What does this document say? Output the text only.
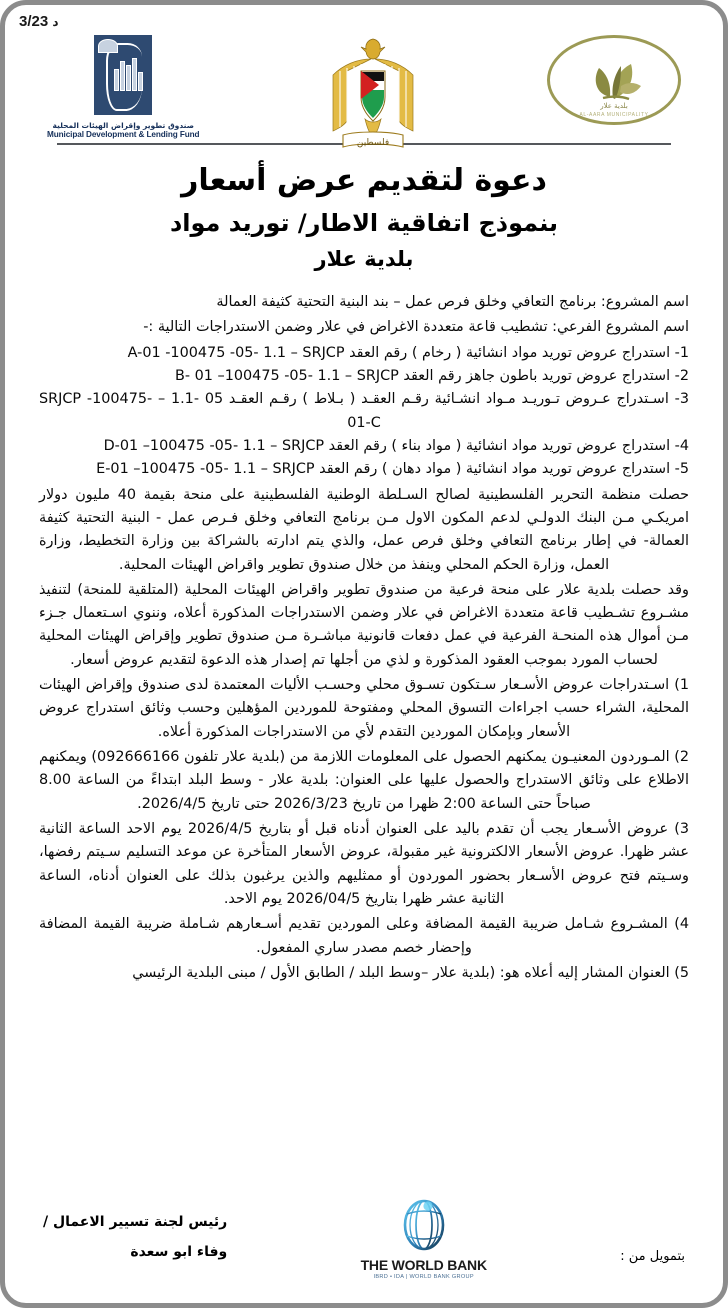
د 3/23
بلدية علار
AL-AARA MUNICIPALITY
فلسطين
صندوق تطوير وإقراض الهيئات المحلية
Municipal Development & Lending Fund
دعوة لتقديم عرض أسعار
بنموذج اتفاقية الاطار/ توريد مواد
بلدية علار
اسم المشروع: برنامج التعافي وخلق فرص عمل – بند البنية التحتية كثيفة العمالة
اسم المشروع الفرعي: تشطيب قاعة متعددة الاغراض في علار وضمن الاستدراجات التالية :-
1- استدراج عروض توريد مواد انشائية ( رخام ) رقم العقد A-01 -100475 -05- 1.1 – SRJCP
2- استدراج عروض توريد باطون جاهز رقم العقد B- 01 –100475 -05- 1.1 – SRJCP
3- اسـتدراج عـروض تـوريـد مـواد انشـائية رقـم العقـد ( بـلاط ) رقـم العقـد 05 -1.1 – SRJCP -100475- 01-C
4- استدراج عروض توريد مواد انشائية ( مواد بناء ) رقم العقد D-01 –100475 -05- 1.1 – SRJCP
5- استدراج عروض توريد مواد انشائية ( مواد دهان ) رقم العقد E-01 –100475 -05- 1.1 – SRJCP
حصلت منظمة التحرير الفلسطينية لصالح السـلطة الوطنية الفلسطينية على منحة بقيمة 40 مليون دولار امريكـي مـن البنك الدولـي لدعم المكون الاول مـن برنامج التعافي وخلق فـرص عمل - البنية التحتية كثيفة العمالة- في إطار برنامج التعافي وخلق فرص عمل، والذي يتم ادارته بالشراكة بين وزارة التخطيط، وزارة العمل، وزارة الحكم المحلي وينفذ من خلال صندوق تطوير واقراض الهيئات المحلية.
وقد حصلت بلدية علار على منحة فرعية من صندوق تطوير واقراض الهيئات المحلية (المتلقية للمنحة) لتنفيذ مشـروع تشـطيب قاعة متعددة الاغراض في علار وضمن الاستدراجات المذكورة أعلاه، وننوي اسـتعمال جـزء مـن أموال هذه المنحـة الفرعية في عمل دفعات قانونية مباشـرة مـن صندوق تطوير وإقراض الهيئات المحلية لحساب المورد بموجب العقود المذكورة و لذي من أجلها تم إصدار هذه الدعوة لتقديم عروض أسعار.
1) اسـتدراجات عروض الأسـعار سـتكون تسـوق محلي وحسـب الأليات المعتمدة لدى صندوق وإقراض الهيئات المحلية، الشراء حسب اجراءات التسوق المحلي ومفتوحة للموردين المؤهلين وحسب وثائق استدراج عروض الأسعار وبإمكان الموردين التقدم لأي من الاستدراجات المذكورة أعلاه.
2) المـوردون المعنيـون يمكنهم الحصول على المعلومات اللازمة من (بلدية علار تلفون 092666166) ويمكنهم الاطلاع على وثائق الاستدراج والحصول عليها على العنوان: بلدية علار - وسط البلد ابتداءً من الساعة 8.00 صباحاً حتى الساعة 2:00 ظهرا من تاريخ 2026/3/23 حتى تاريخ 2026/4/5.
3) عروض الأسـعار يجب أن تقدم باليد على العنوان أدناه قبل أو بتاريخ 2026/4/5 يوم الاحد الساعة الثانية عشر ظهرا. عروض الأسعار الالكترونية غير مقبولة، عروض الأسعار المتأخرة عن موعد التسليم سـيتم رفضها، وسـيتم فتح عروض الأسـعار بحضور الموردون أو ممثليهم والذين يرغبون بذلك على العنوان أدناه، الساعة الثانية عشر ظهرا بتاريخ 2026/04/5 يوم الاحد.
4) المشـروع شـامل ضريبة القيمة المضافة وعلى الموردين تقديم أسـعارهم شـاملة ضريبة القيمة المضافة وإحضار خصم مصدر ساري المفعول.
5) العنوان المشار إليه أعلاه هو: (بلدية علار –وسط البلد / الطابق الأول / مبنى البلدية الرئيسي
بتمويل من :
THE WORLD BANK
IBRD • IDA | WORLD BANK GROUP
رئيس لجنة تسيير الاعمال /
وفاء ابو سعدة
